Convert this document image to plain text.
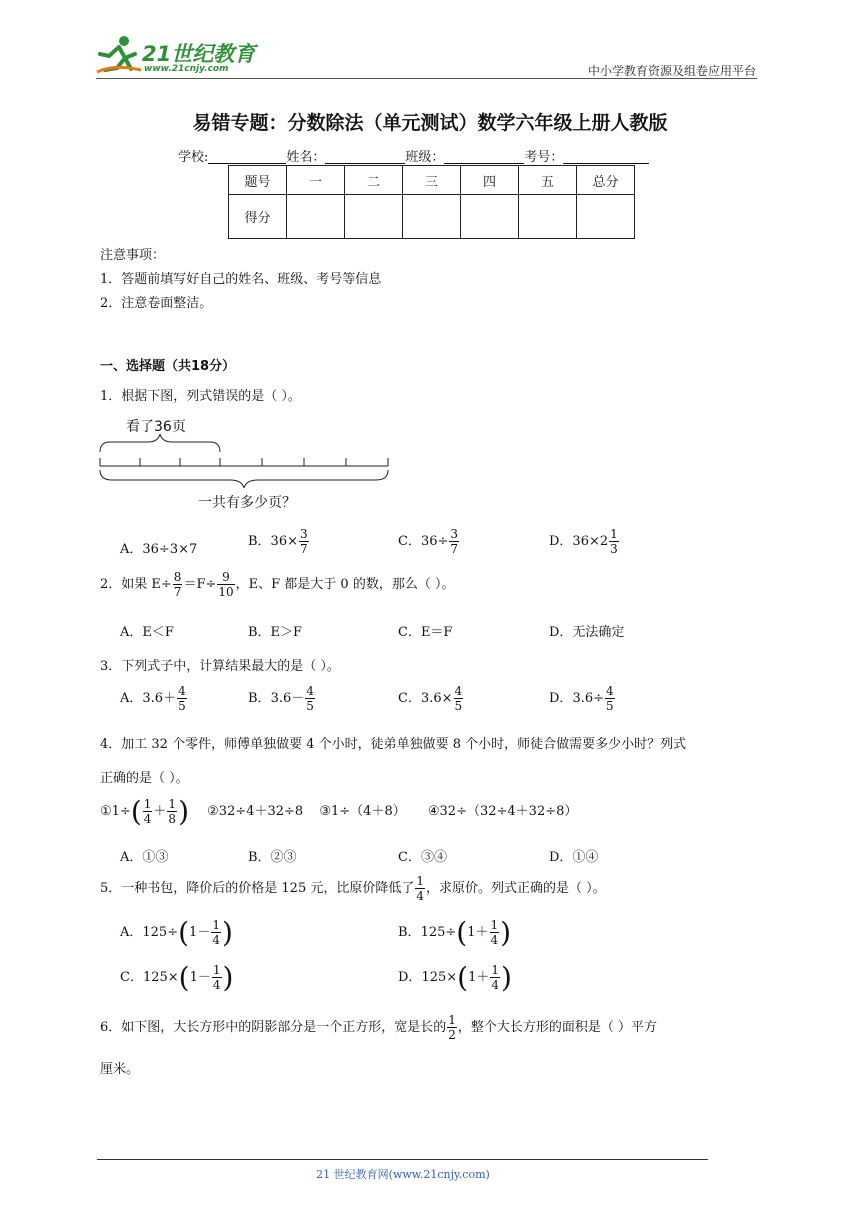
21世纪教育
www.21cnjy.com	中小学教育资源及组卷应用平台
易错专题：分数除法（单元测试）数学六年级上册人教版
学校:	姓名：	班级：	考号：
题号	一	二	三	四	五	总分
得分						
注意事项：
1．答题前填写好自己的姓名、班级、考号等信息
2．注意卷面整洁。
一、选择题（共18分）
1．根据下图，列式错误的是（ ）。
看了36页
一共有多少页？
A．36÷3×7
B．$36\times \frac{3}{7}$	C．$36\div \frac{3}{7}$	D．$36\times 2 \frac{1}{3}$
2．如果 $E\div \frac{8}{7} =F\div \frac{9}{10}$ ，E、F 都是大于 0 的数，那么（ ）。
A．E＜F	B．E＞F	C．E＝F	D．无法确定
3．下列式子中，计算结果最大的是（ ）。
A．$3.6+ \frac{4}{5}$	B．$3.6- \frac{4}{5}$	C．$3.6\times \frac{4}{5}$	D．$3.6\div \frac{4}{5}$
4．加工 32 个零件，师傅单独做要 4 个小时，徒弟单独做要 8 个小时，师徒合做需要多少小时？列式
正确的是（ ）。
①1÷( $\frac{1}{4} + \frac{1}{8}$ ) ②32÷4＋32÷8 ③1÷（4＋8） ④32÷（32÷4＋32÷8）
A．①③	B．②③	C．③④	D．①④
5．一种书包，降价后的价格是 125 元，比原价降低了 $\frac{1}{4}$ ，求原价。列式正确的是（ ）。
A．$125\div(1- \frac{1}{4}$ )	B．$125\div(1+ \frac{1}{4}$ )
C．$125\times(1- \frac{1}{4}$ )	D．$125\times(1+ \frac{1}{4}$ )
6．如下图，大长方形中的阴影部分是一个正方形，宽是长的 $\frac{1}{2}$ ，整个大长方形的面积是（ ）平方
厘米。
21 世纪教育网(www.21cnjy.com)
